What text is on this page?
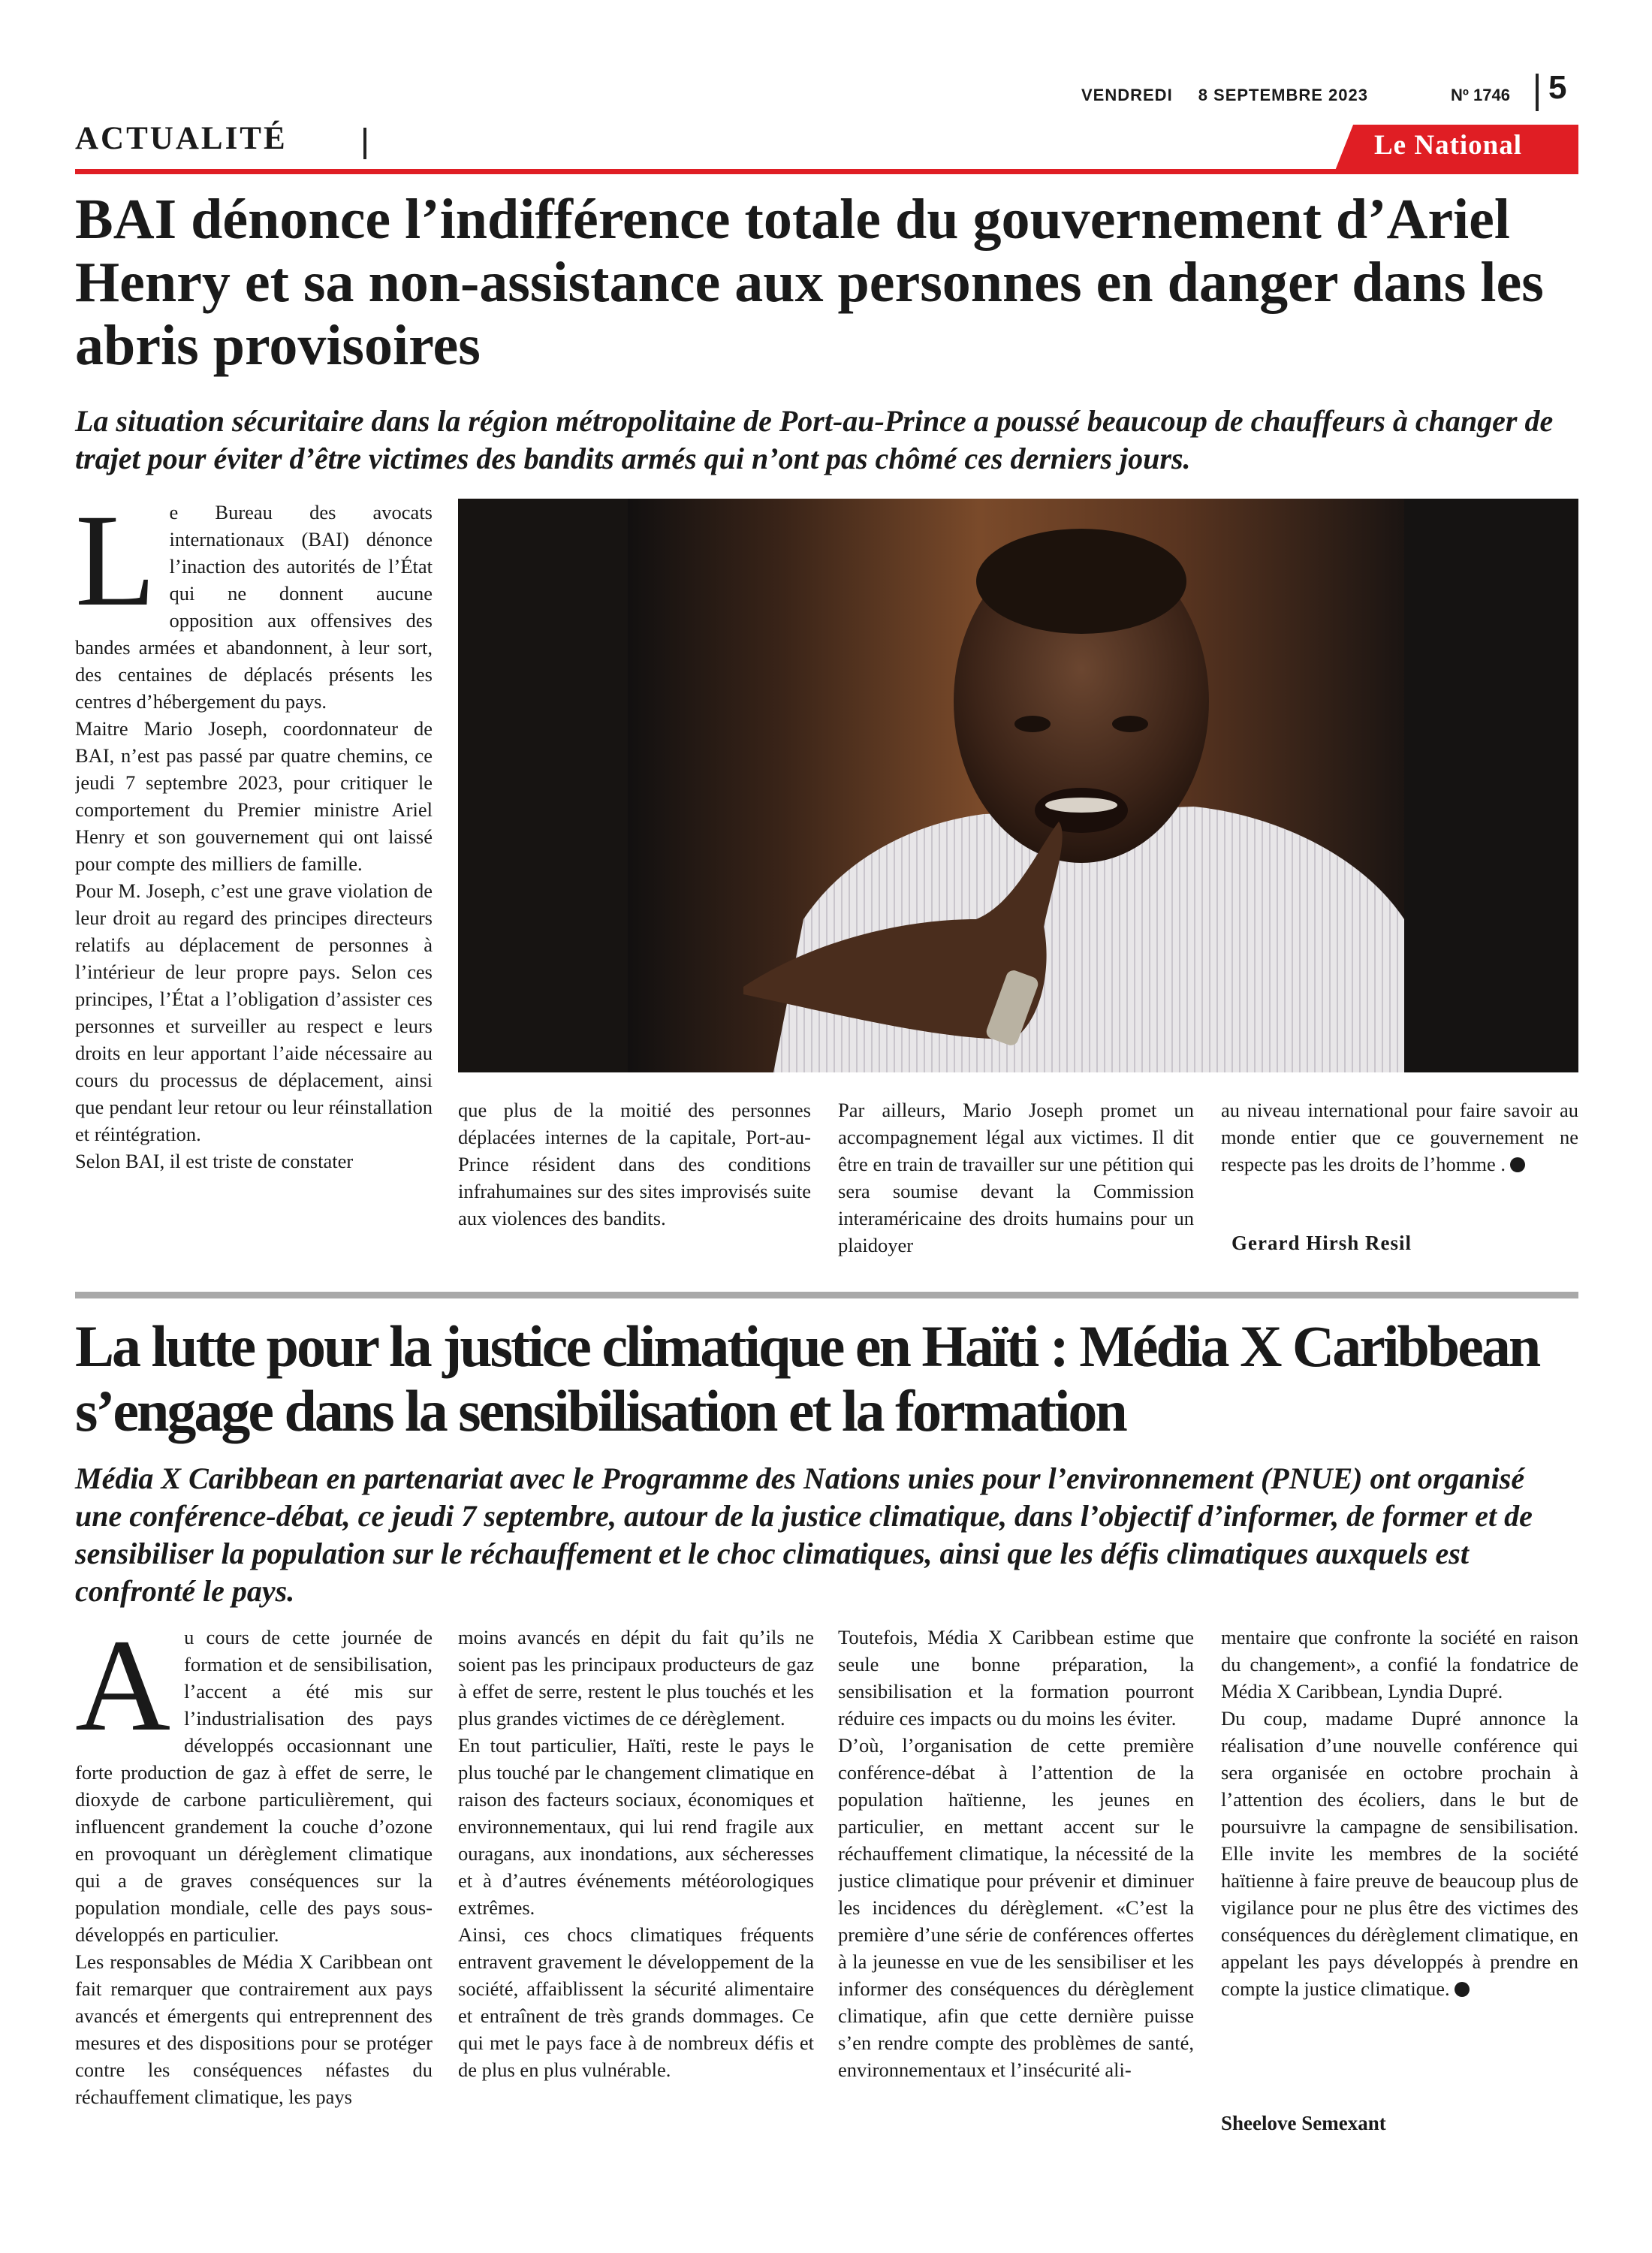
VENDREDI 8 SEPTEMBRE 2023	Nº 1746 5
ACTUALITÉ	Le National
BAI dénonce l’indifférence totale du gouvernement d’Ariel Henry et sa non-assistance aux personnes en danger dans les abris provisoires
La situation sécuritaire dans la région métropolitaine de Port-au-Prince a poussé beaucoup de chauffeurs à changer de trajet pour éviter d’être victimes des bandits armés qui n’ont pas chômé ces derniers jours.
L e Bureau des avocats internationaux (BAI) dénonce l’inaction des autorités de l’État qui ne donnent aucune opposition aux offensives des bandes armées et abandonnent, à leur sort, des centaines de déplacés présents les centres d’hébergement du pays.

Maitre Mario Joseph, coordonnateur de BAI, n’est pas passé par quatre chemins, ce jeudi 7 septembre 2023, pour critiquer le comportement du Premier ministre Ariel Henry et son gouvernement qui ont laissé pour compte des milliers de famille.

Pour M. Joseph, c’est une grave violation de leur droit au regard des principes directeurs relatifs au déplacement de personnes à l’intérieur de leur propre pays. Selon ces principes, l’État a l’obligation d’assister ces personnes et surveiller au respect e leurs droits en leur apportant l’aide nécessaire au cours du processus de déplacement, ainsi que pendant leur retour ou leur réinstallation et réintégration.

Selon BAI, il est triste de constater

que plus de la moitié des personnes déplacées internes de la capitale, Port-au-Prince résident dans des conditions infrahumaines sur des sites improvisés suite aux violences des bandits.

Par ailleurs, Mario Joseph promet un accompagnement légal aux victimes. Il dit être en train de travailler sur une pétition qui sera soumise devant la Commission interaméricaine des droits humains pour un plaidoyer

au niveau international pour faire savoir au monde entier que ce gouvernement ne respecte pas les droits de l’homme .

Gerard Hirsh Resil
La lutte pour la justice climatique en Haïti : Média X Caribbean s’engage dans la sensibilisation et la formation
Média X Caribbean en partenariat avec le Programme des Nations unies pour l’environnement (PNUE) ont organisé une conférence-débat, ce jeudi 7 septembre, autour de la justice climatique, dans l’objectif d’informer, de former et de sensibiliser la population sur le réchauffement et le choc climatiques, ainsi que les défis climatiques auxquels est confronté le pays.
A u cours de cette journée de formation et de sensibilisation, l’accent a été mis sur l’industrialisation des pays développés occasionnant une forte production de gaz à effet de serre, le dioxyde de carbone particulièrement, qui influencent grandement la couche d’ozone en provoquant un dérèglement climatique qui a de graves conséquences sur la population mondiale, celle des pays sous-développés en particulier.

Les responsables de Média X Caribbean ont fait remarquer que contrairement aux pays avancés et émergents qui entreprennent des mesures et des dispositions pour se protéger contre les conséquences néfastes du réchauffement climatique, les pays

moins avancés en dépit du fait qu’ils ne soient pas les principaux producteurs de gaz à effet de serre, restent le plus touchés et les plus grandes victimes de ce dérèglement.

En tout particulier, Haïti, reste le pays le plus touché par le changement climatique en raison des facteurs sociaux, économiques et environnementaux, qui lui rend fragile aux ouragans, aux inondations, aux sécheresses et à d’autres événements météorologiques extrêmes.

Ainsi, ces chocs climatiques fréquents entravent gravement le développement de la société, affaiblissent la sécurité alimentaire et entraînent de très grands dommages. Ce qui met le pays face à de nombreux défis et de plus en plus vulnérable.

Toutefois, Média X Caribbean estime que seule une bonne préparation, la sensibilisation et la formation pourront réduire ces impacts ou du moins les éviter.

D’où, l’organisation de cette première conférence-débat à l’attention de la population haïtienne, les jeunes en particulier, en mettant accent sur le réchauffement climatique, la nécessité de la justice climatique pour prévenir et diminuer les incidences du dérèglement. «C’est la première d’une série de conférences offertes à la jeunesse en vue de les sensibiliser et les informer des conséquences du dérèglement climatique, afin que cette dernière puisse s’en rendre compte des problèmes de santé, environnementaux et l’insécurité ali-

mentaire que confronte la société en raison du changement», a confié la fondatrice de Média X Caribbean, Lyndia Dupré.

Du coup, madame Dupré annonce la réalisation d’une nouvelle conférence qui sera organisée en octobre prochain à l’attention des écoliers, dans le but de poursuivre la campagne de sensibilisation. Elle invite les membres de la société haïtienne à faire preuve de beaucoup plus de vigilance pour ne plus être des victimes des conséquences du dérèglement climatique, en appelant les pays développés à prendre en compte la justice climatique.

Sheelove Semexant
